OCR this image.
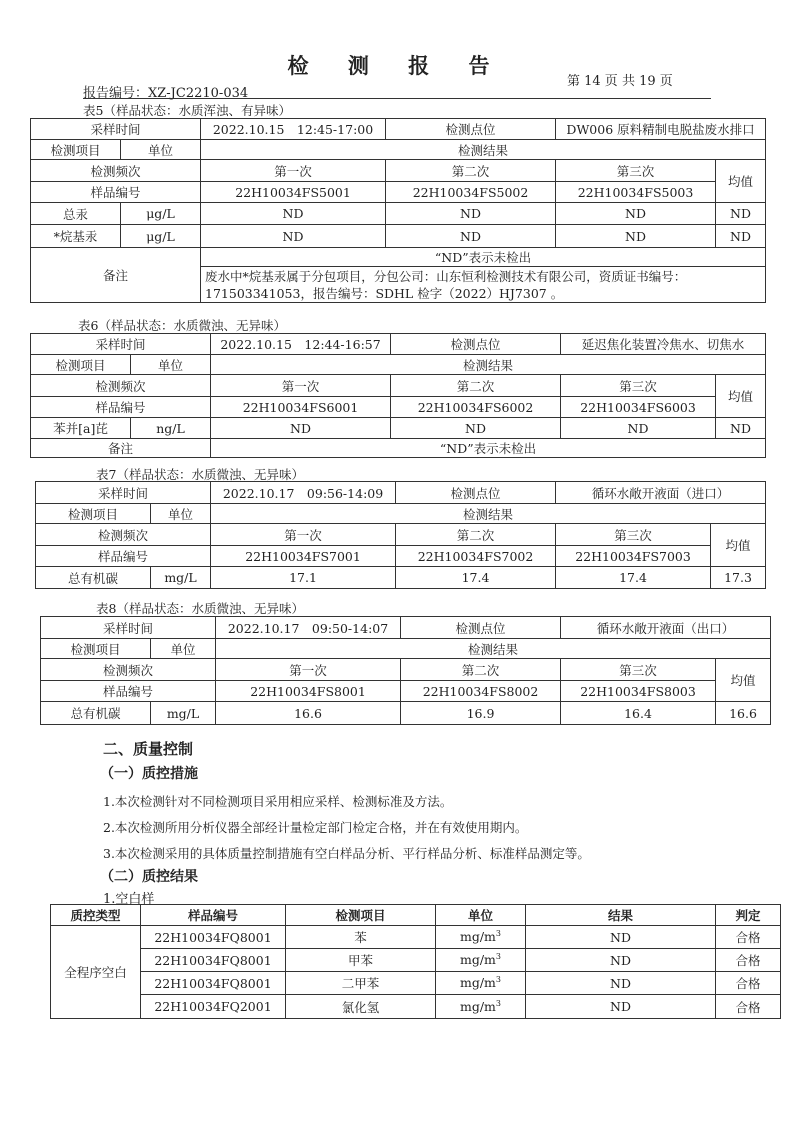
检 测 报 告
第 14 页 共 19 页
报告编号：XZ-JC2210-034
表5（样品状态：水质浑浊、有异味）
采样时间		2022.10.15　12:45-17:00	检测点位	DW006 原料精制电脱盐废水排口	
检测项目	单位	检测结果			
检测频次		第一次	第二次	第三次	均值
样品编号		22H10034FS5001	22H10034FS5002	22H10034FS5003	
总汞	μg/L	ND	ND	ND	ND
*烷基汞	μg/L	ND	ND	ND	ND
备注		“ND”表示未检出			
		废水中*烷基汞属于分包项目，分包公司：山东恒利检测技术有限公司，资质证书编号：171503341053，报告编号：SDHL 检字（2022）HJ7307 。			
表6（样品状态：水质微浊、无异味）
采样时间		2022.10.15　12:44-16:57	检测点位	延迟焦化装置冷焦水、切焦水	
检测项目	单位	检测结果			
检测频次		第一次	第二次	第三次	均值
样品编号		22H10034FS6001	22H10034FS6002	22H10034FS6003	
苯并[a]芘	ng/L	ND	ND	ND	ND
备注		“ND”表示未检出			
表7（样品状态：水质微浊、无异味）
采样时间		2022.10.17　09:56-14:09	检测点位	循环水敞开液面（进口）	
检测项目	单位	检测结果			
检测频次		第一次	第二次	第三次	均值
样品编号		22H10034FS7001	22H10034FS7002	22H10034FS7003	
总有机碳	mg/L	17.1	17.4	17.4	17.3
表8（样品状态：水质微浊、无异味）
采样时间		2022.10.17　09:50-14:07	检测点位	循环水敞开液面（出口）	
检测项目	单位	检测结果			
检测频次		第一次	第二次	第三次	均值
样品编号		22H10034FS8001	22H10034FS8002	22H10034FS8003	
总有机碳	mg/L	16.6	16.9	16.4	16.6
二、质量控制
（一）质控措施
1.本次检测针对不同检测项目采用相应采样、检测标准及方法。
2.本次检测所用分析仪器全部经计量检定部门检定合格，并在有效使用期内。
3.本次检测采用的具体质量控制措施有空白样品分析、平行样品分析、标准样品测定等。
（二）质控结果
1.空白样
质控类型	样品编号	检测项目	单位	结果	判定
全程序空白	22H10034FQ8001	苯	$mg/m^3$	ND	合格
	22H10034FQ8001	甲苯	$mg/m^3$	ND	合格
	22H10034FQ8001	二甲苯	$mg/m^3$	ND	合格
	22H10034FQ2001	氯化氢	$mg/m^3$	ND	合格
